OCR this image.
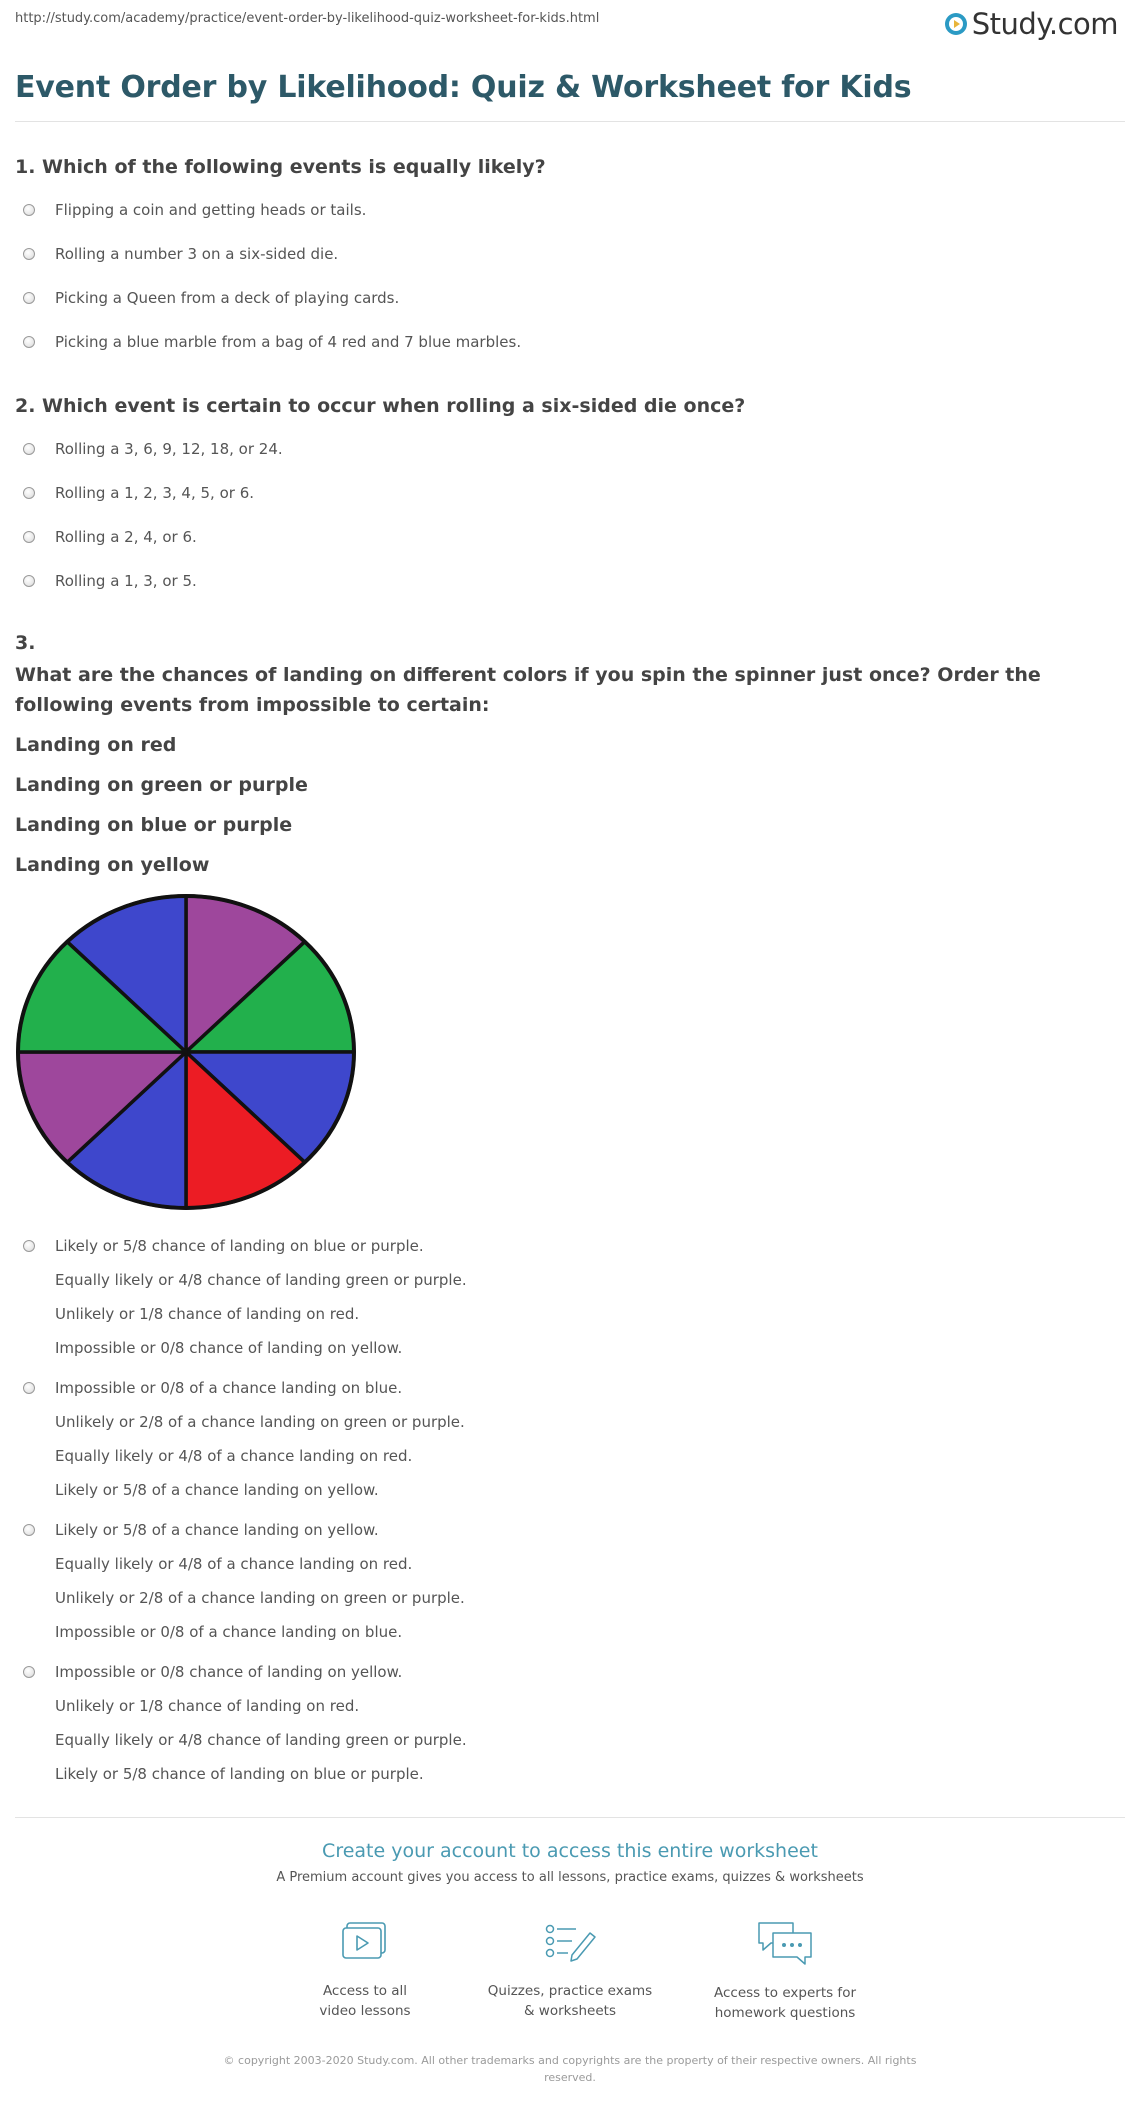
http://study.com/academy/practice/event-order-by-likelihood-quiz-worksheet-for-kids.html	Study.com
Event Order by Likelihood: Quiz & Worksheet for Kids
1. Which of the following events is equally likely?
Flipping a coin and getting heads or tails.
Rolling a number 3 on a six-sided die.
Picking a Queen from a deck of playing cards.
Picking a blue marble from a bag of 4 red and 7 blue marbles.
2. Which event is certain to occur when rolling a six-sided die once?
Rolling a 3, 6, 9, 12, 18, or 24.
Rolling a 1, 2, 3, 4, 5, or 6.
Rolling a 2, 4, or 6.
Rolling a 1, 3, or 5.
3.
What are the chances of landing on different colors if you spin the spinner just once? Order the following events from impossible to certain:
Landing on red
Landing on green or purple
Landing on blue or purple
Landing on yellow
Likely or 5/8 chance of landing on blue or purple.
Equally likely or 4/8 chance of landing green or purple.
Unlikely or 1/8 chance of landing on red.
Impossible or 0/8 chance of landing on yellow.
Impossible or 0/8 of a chance landing on blue.
Unlikely or 2/8 of a chance landing on green or purple.
Equally likely or 4/8 of a chance landing on red.
Likely or 5/8 of a chance landing on yellow.
Likely or 5/8 of a chance landing on yellow.
Equally likely or 4/8 of a chance landing on red.
Unlikely or 2/8 of a chance landing on green or purple.
Impossible or 0/8 of a chance landing on blue.
Impossible or 0/8 chance of landing on yellow.
Unlikely or 1/8 chance of landing on red.
Equally likely or 4/8 chance of landing green or purple.
Likely or 5/8 chance of landing on blue or purple.
Create your account to access this entire worksheet
A Premium account gives you access to all lessons, practice exams, quizzes & worksheets
Access to all
video lessons
Quizzes, practice exams
& worksheets
Access to experts for
homework questions
© copyright 2003-2020 Study.com. All other trademarks and copyrights are the property of their respective owners. All rights reserved.
